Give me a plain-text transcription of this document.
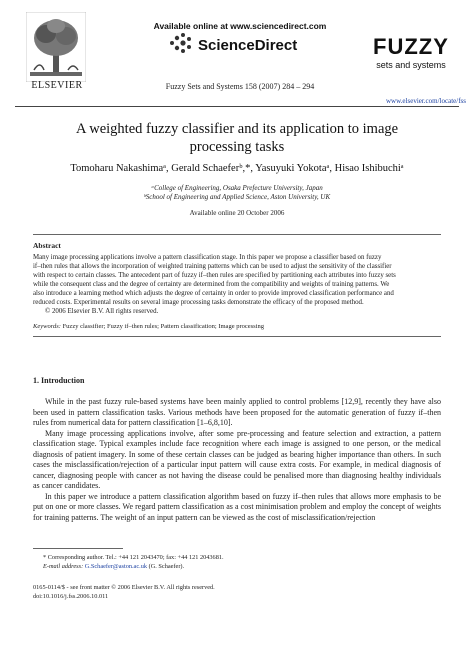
ELSEVIER
Available online at www.sciencedirect.com
ScienceDirect
Fuzzy Sets and Systems 158 (2007) 284 – 294
FUZZY
sets and systems
www.elsevier.com/locate/fss
A weighted fuzzy classifier and its application to image
processing tasks
Tomoharu Nakashimaᵃ, Gerald Schaeferᵇ,*, Yasuyuki Yokotaᵃ, Hisao Ishibuchiᵃ
ᵃCollege of Engineering, Osaka Prefecture University, Japan
ᵇSchool of Engineering and Applied Science, Aston University, UK
Available online 20 October 2006
Abstract
Many image processing applications involve a pattern classification stage. In this paper we propose a classifier based on fuzzy
if–then rules that allows the incorporation of weighted training patterns which can be used to adjust the sensitivity of the classifier
with respect to certain classes. The antecedent part of fuzzy if–then rules are specified by partitioning each attributes into fuzzy sets
while the consequent class and the degree of certainty are determined from the compatibility and weights of training patterns. We
also introduce a learning method which adjusts the degree of certainty in order to provide improved classification performance and
reduced costs. Experimental results on several image processing tasks demonstrate the efficacy of the proposed method.
© 2006 Elsevier B.V. All rights reserved.
Keywords: Fuzzy classifier; Fuzzy if–then rules; Pattern classification; Image processing
1. Introduction

While in the past fuzzy rule-based systems have been mainly applied to control problems [12,9], recently they have also been used in pattern classification tasks. Various methods have been proposed for the automatic generation of fuzzy if–then rules from numerical data for pattern classification [1–6,8,10].

Many image processing applications involve, after some pre-processing and feature selection and extraction, a pattern classification stage. Typical examples include face recognition where each image is assigned to one person, or the medical diagnosis of patient imagery. In some of these certain classes can be judged as bearing higher importance than others. In such cases the misclassification/rejection of a particular input pattern will cause extra costs. For example, in medical diagnosis of cancer, diagnosing people with cancer as not having the disease could be penalised more than diagnosing healthy individuals as cancer candidates.

In this paper we introduce a pattern classification algorithm based on fuzzy if–then rules that allows more emphasis to be put on one or more classes. We regard pattern classification as a cost minimisation problem and employ the concept of weights for training patterns. The weight of an input pattern can be viewed as the cost of misclassification/rejection

* Corresponding author. Tel.: +44 121 2043470; fax: +44 121 2043681.
E-mail address: G.Schaefer@aston.ac.uk (G. Schaefer).
0165-0114/$ - see front matter © 2006 Elsevier B.V. All rights reserved.
doi:10.1016/j.fss.2006.10.011
